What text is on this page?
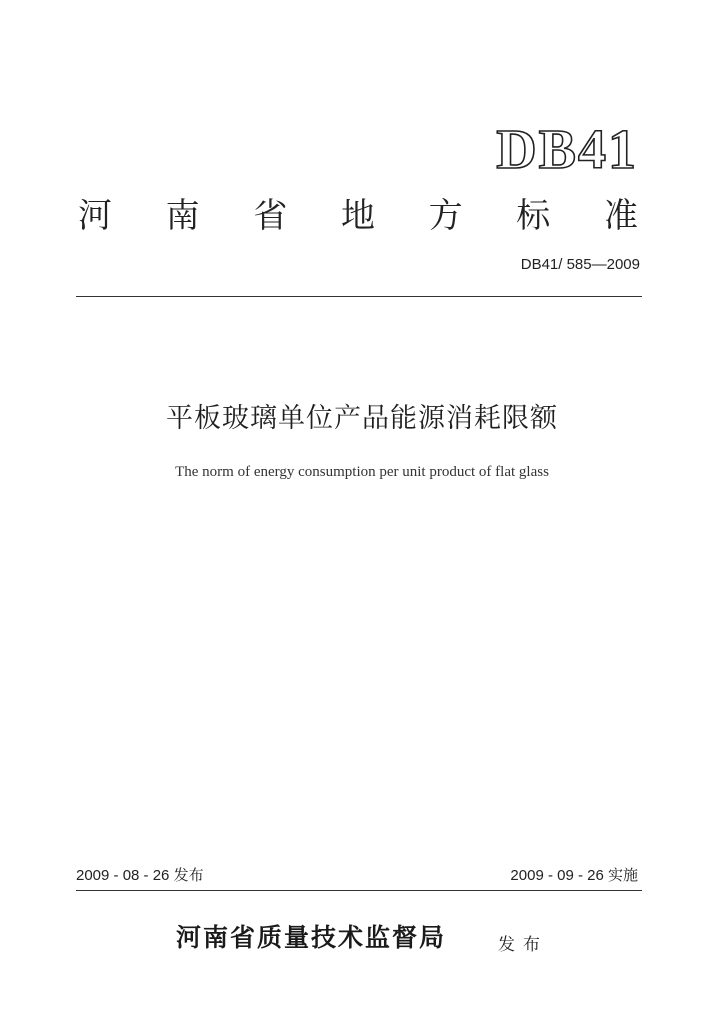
DB41
河 南 省 地 方 标 准
DB41/ 585—2009
平板玻璃单位产品能源消耗限额
The norm of energy consumption per unit product of flat glass
2009 - 08 - 26 发布	2009 - 09 - 26 实施
河南省质量技术监督局	发布
